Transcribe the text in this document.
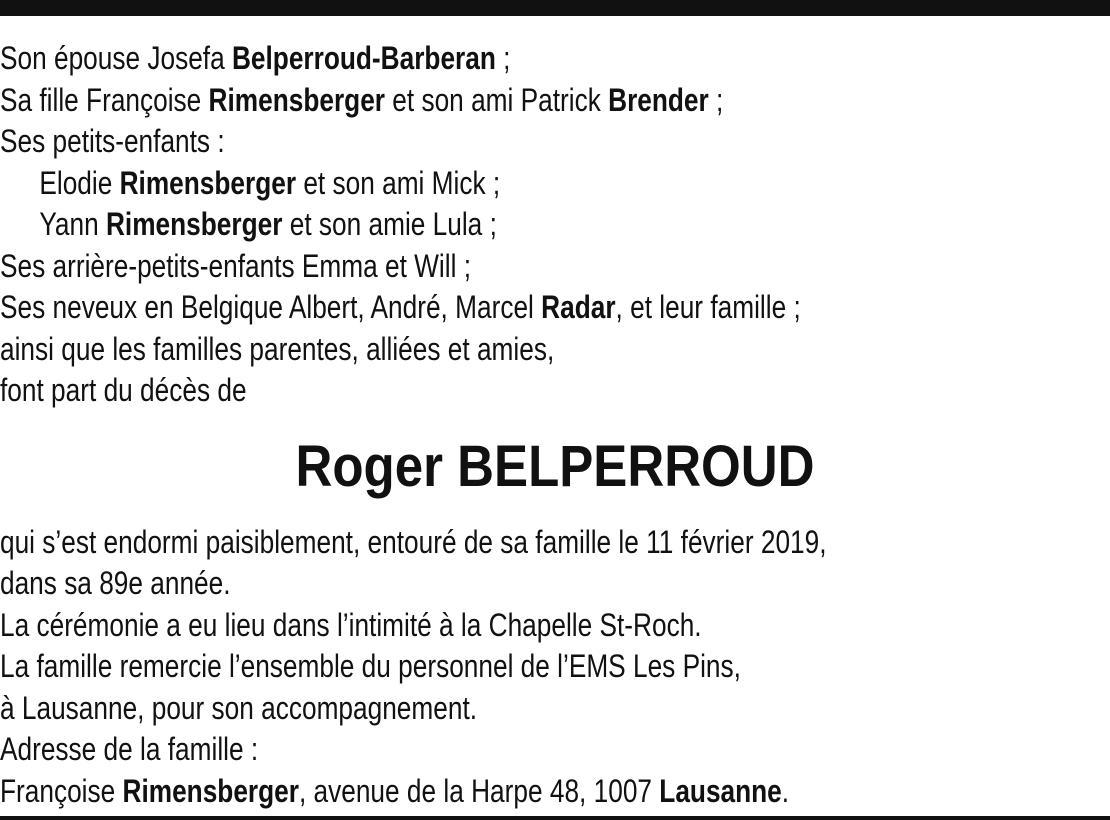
Son épouse Josefa Belperroud-Barberan ;
Sa fille Françoise Rimensberger et son ami Patrick Brender ;
Ses petits-enfants :
Elodie Rimensberger et son ami Mick ;
Yann Rimensberger et son amie Lula ;
Ses arrière-petits-enfants Emma et Will ;
Ses neveux en Belgique Albert, André, Marcel Radar, et leur famille ;
ainsi que les familles parentes, alliées et amies,
font part du décès de
Roger BELPERROUD
qui s’est endormi paisiblement, entouré de sa famille le 11 février 2019,
dans sa 89e année.
La cérémonie a eu lieu dans l’intimité à la Chapelle St-Roch.
La famille remercie l’ensemble du personnel de l’EMS Les Pins,
à Lausanne, pour son accompagnement.
Adresse de la famille :
Françoise Rimensberger, avenue de la Harpe 48, 1007 Lausanne.
